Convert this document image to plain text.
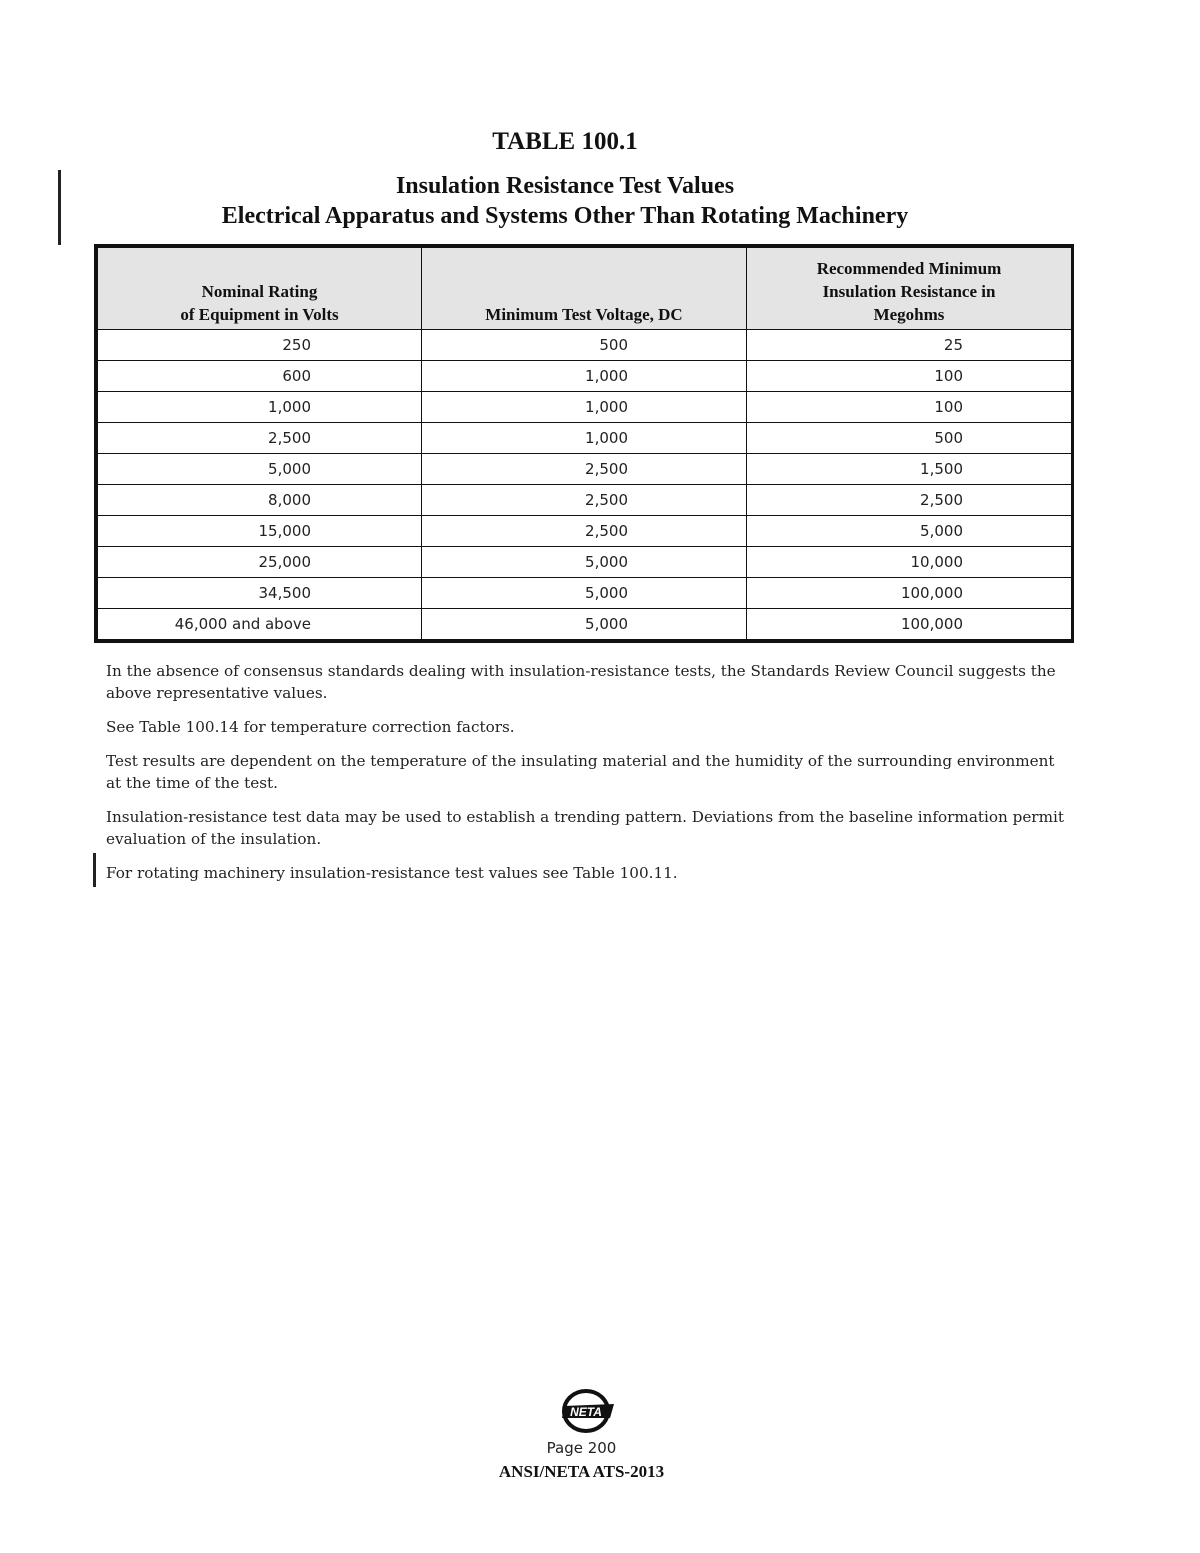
TABLE 100.1
Insulation Resistance Test Values
Electrical Apparatus and Systems Other Than Rotating Machinery
Nominal Rating
of Equipment in Volts	Minimum Test Voltage, DC	Recommended Minimum
Insulation Resistance in
Megohms
250	500	25
600	1,000	100
1,000	1,000	100
2,500	1,000	500
5,000	2,500	1,500
8,000	2,500	2,500
15,000	2,500	5,000
25,000	5,000	10,000
34,500	5,000	100,000
46,000 and above	5,000	100,000

In the absence of consensus standards dealing with insulation-resistance tests, the Standards Review Council suggests the above representative values.

See Table 100.14 for temperature correction factors.

Test results are dependent on the temperature of the insulating material and the humidity of the surrounding environment at the time of the test.

Insulation-resistance test data may be used to establish a trending pattern. Deviations from the baseline information permit evaluation of the insulation.

For rotating machinery insulation-resistance test values see Table 100.11.

NETA
Page 200
ANSI/NETA ATS-2013
